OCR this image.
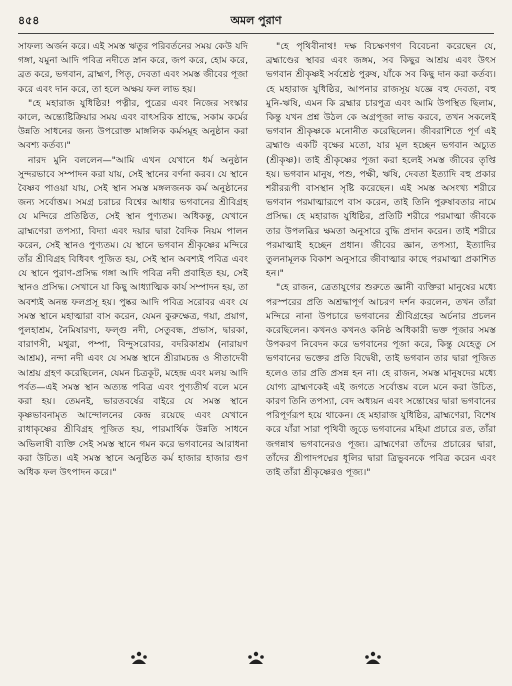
৪৫৪	অমল পুরাণ

সাফল্য অর্জন করে। এই সমস্ত ঋতুর পরিবর্তনের সময় কেউ যদি গঙ্গা, যমুনা আদি পবিত্র নদীতে স্নান করে, জপ করে, হোম করে, ব্রত করে, ভগবান, ব্রাহ্মণ, পিতৃ, দেবতা এবং সমস্ত জীবের পূজা করে এবং দান করে, তা হলে অক্ষয় ফল লাভ হয়।

"হে মহারাজ যুধিষ্ঠির! পত্নীর, পুত্রের এবং নিজের সংস্কার কালে, অন্ত্যেষ্টিক্রিয়ার সময় এবং বাৎসরিক শ্রাদ্ধে, সকাম কর্মের উন্নতি সাধনের জন্য উপরোক্ত মাঙ্গলিক কর্মসমূহ অনুষ্ঠান করা অবশ্য কর্তব্য।"

নারদ মুনি বললেন—"আমি এখন যেখানে ধর্ম অনুষ্ঠান সুন্দরভাবে সম্পাদন করা যায়, সেই স্থানের বর্ণনা করব। যে স্থানে বৈষ্ণব পাওয়া যায়, সেই স্থান সমস্ত মঙ্গলজনক কর্ম অনুষ্ঠানের জন্য সর্বোত্তম। সমগ্র চরাচর বিশ্বের আধার ভগবানের শ্রীবিগ্রহ যে মন্দিরে প্রতিষ্ঠিত, সেই স্থান পুণ্যতম। অধিকন্তু, যেখানে ব্রাহ্মণেরা তপস্যা, বিদ্যা এবং দয়ার দ্বারা বৈদিক নিয়ম পালন করেন, সেই স্থানও পুণ্যতম। যে স্থানে ভগবান শ্রীকৃষ্ণের মন্দিরে তাঁর শ্রীবিগ্রহ বিধিবৎ পূজিত হয়, সেই স্থান অবশ্যই পবিত্র এবং যে স্থানে পুরাণ-প্রসিদ্ধ গঙ্গা আদি পবিত্র নদী প্রবাহিত হয়, সেই স্থানও প্রসিদ্ধ। সেখানে যা কিছু আধ্যাত্মিক কার্য সম্পাদন হয়, তা অবশ্যই অনন্ত ফলপ্রসূ হয়। পুষ্কর আদি পবিত্র সরোবর এবং যে সমস্ত স্থানে মহাত্মারা বাস করেন, যেমন কুরুক্ষেত্র, গয়া, প্রয়াগ, পুলহাশ্রম, নৈমিষারণ্য, ফল্গু নদী, সেতুবন্ধ, প্রভাস, দ্বারকা, বারাণসী, মথুরা, পম্পা, বিন্দুসরোবর, বদরিকাশ্রম (নারায়ণ আশ্রম), নন্দা নদী এবং যে সমস্ত স্থানে শ্রীরামচন্দ্র ও সীতাদেবী আশ্রয় গ্রহণ করেছিলেন, যেমন চিত্রকূট, মহেন্দ্র এবং মলয় আদি পর্বত—এই সমস্ত স্থান অত্যন্ত পবিত্র এবং পুণ্যতীর্থ বলে মনে করা হয়। তেমনই, ভারতবর্ষের বাইরে যে সমস্ত স্থানে কৃষ্ণভাবনামৃত আন্দোলনের কেন্দ্র রয়েছে এবং যেখানে রাধাকৃষ্ণের শ্রীবিগ্রহ পূজিত হয়, পারমার্থিক উন্নতি সাধনে অভিলাষী ব্যক্তি সেই সমস্ত স্থানে গমন করে ভগবানের আরাধনা করা উচিত। এই সমস্ত স্থানে অনুষ্ঠিত কর্ম হাজার হাজার গুণ অধিক ফল উৎপাদন করে।"

"হে পৃথিবীনাথ! দক্ষ বিচক্ষণগণ বিবেচনা করেছেন যে, ব্রহ্মাণ্ডের স্থাবর এবং জঙ্গম, সব কিছুর আশ্রয় এবং উৎস ভগবান শ্রীকৃষ্ণই সর্বশ্রেষ্ঠ পুরুষ, যাঁকে সব কিছু দান করা কর্তব্য। হে মহারাজ যুধিষ্ঠির, আপনার রাজসূয় যজ্ঞে বহু দেবতা, বহু মুনি-ঋষি, এমন কি ব্রহ্মার চারপুত্র এবং আমি উপস্থিত ছিলাম, কিন্তু যখন প্রশ্ন উঠল কে অগ্রপূজা লাভ করবে, তখন সকলেই ভগবান শ্রীকৃষ্ণকে মনোনীত করেছিলেন। জীবরাশিতে পূর্ণ এই ব্রহ্মাণ্ড একটি বৃক্ষের মতো, যার মূল হচ্ছেন ভগবান অচ্যুত (শ্রীকৃষ্ণ)। তাই শ্রীকৃষ্ণের পূজা করা হলেই সমস্ত জীবের তৃপ্তি হয়। ভগবান মানুষ, পশু, পক্ষী, ঋষি, দেবতা ইত্যাদি বহু প্রকার শরীররূপী বাসস্থান সৃষ্টি করেছেন। এই সমস্ত অসংখ্য শরীরে ভগবান পরমাত্মারূপে বাস করেন, তাই তিনি পুরুষাবতার নামে প্রসিদ্ধ। হে মহারাজ যুধিষ্ঠির, প্রতিটি শরীরে পরমাত্মা জীবকে তার উপলব্ধির ক্ষমতা অনুসারে বুদ্ধি প্রদান করেন। তাই শরীরে পরমাত্মাই হচ্ছেন প্রধান। জীবের জ্ঞান, তপস্যা, ইত্যাদির তুলনামূলক বিকাশ অনুসারে জীবাত্মার কাছে পরমাত্মা প্রকাশিত হন।"

"হে রাজন, ত্রেতাযুগের শুরুতে জ্ঞানী ব্যক্তিরা মানুষের মধ্যে পরস্পরের প্রতি অশ্রদ্ধাপূর্ণ আচরণ দর্শন করলেন, তখন তাঁরা মন্দিরে নানা উপচারে ভগবানের শ্রীবিগ্রহের অর্চনার প্রচলন করেছিলেন। কখনও কখনও কনিষ্ঠ অধিকারী ভক্ত পূজার সমস্ত উপকরণ নিবেদন করে ভগবানের পূজা করে, কিন্তু যেহেতু সে ভগবানের ভক্তের প্রতি বিদ্বেষী, তাই ভগবান তার দ্বারা পূজিত হলেও তার প্রতি প্রসন্ন হন না। হে রাজন, সমস্ত মানুষদের মধ্যে যোগ্য ব্রাহ্মণকেই এই জগতে সর্বোত্তম বলে মনে করা উচিত, কারণ তিনি তপস্যা, বেদ অধ্যয়ন এবং সন্তোষের দ্বারা ভগবানের পরিপূর্ণরূপ হয়ে থাকেন। হে মহারাজ যুধিষ্ঠির, ব্রাহ্মণেরা, বিশেষ করে যাঁরা সারা পৃথিবী জুড়ে ভগবানের মহিমা প্রচারে রত, তাঁরা জগন্নাথ ভগবানেরও পূজ্য। ব্রাহ্মণেরা তাঁদের প্রচারের দ্বারা, তাঁদের শ্রীপাদপদ্মের ধূলির দ্বারা ত্রিভুবনকে পবিত্র করেন এবং তাই তাঁরা শ্রীকৃষ্ণেরও পূজ্য।"
